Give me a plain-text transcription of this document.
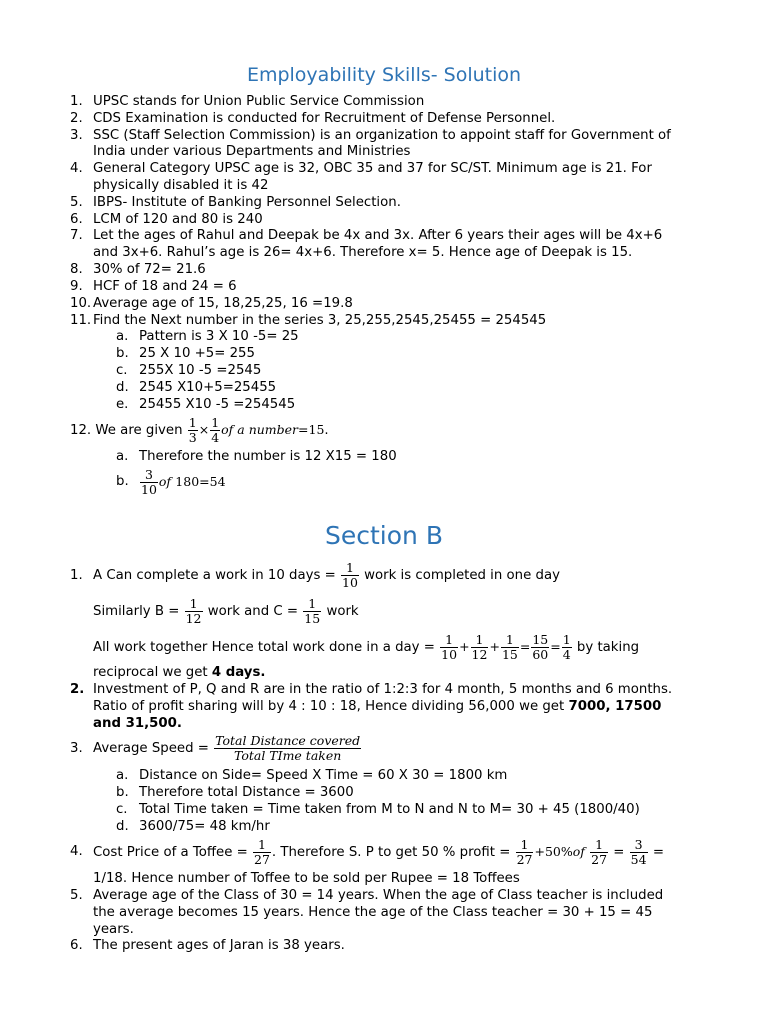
Employability Skills- Solution
1. UPSC stands for Union Public Service Commission
2. CDS Examination is conducted for Recruitment of Defense Personnel.
3. SSC (Staff Selection Commission) is an organization to appoint staff for Government of
India under various Departments and Ministries
4. General Category UPSC age is 32, OBC 35 and 37 for SC/ST. Minimum age is 21. For
physically disabled it is 42
5. IBPS- Institute of Banking Personnel Selection.
6. LCM of 120 and 80 is 240
7. Let the ages of Rahul and Deepak be 4x and 3x. After 6 years their ages will be 4x+6
and 3x+6. Rahul’s age is 26= 4x+6. Therefore x= 5. Hence age of Deepak is 15.
8. 30% of 72= 21.6
9. HCF of 18 and 24 = 6
10. Average age of 15, 18,25,25, 16 =19.8
11. Find the Next number in the series 3, 25,255,2545,25455 = 254545
a. Pattern is 3 X 10 -5= 25
b. 25 X 10 +5= 255
c. 255X 10 -5 =2545
d. 2545 X10+5=25455
e. 25455 X10 -5 =254545
12. We are given $\frac{1}{3} \times \frac{1}{4}$ of a number=15.
a. Therefore the number is 12 X15 = 180
b. $\frac{3}{10}$ of 180=54
Section B
1. A Can complete a work in 10 days = $\frac{1}{10}$ work is completed in one day
Similarly $B = \frac{1}{12}$ work and $C = \frac{1}{15}$ work
All work together Hence total work done in a day = $\frac{1}{10} + \frac{1}{12} + \frac{1}{15} = \frac{15}{60} = \frac{1}{4}$ by taking
reciprocal we get 4 days.
2. Investment of P, Q and R are in the ratio of 1:2:3 for 4 month, 5 months and 6 months.
Ratio of profit sharing will by 4 : 10 : 18, Hence dividing 56,000 we get 7000, 17500
and 31,500.
3. Average Speed = $\frac{\text{Total Distance covered}}{\text{Total TIme taken}}$
a. Distance on Side= Speed X Time = 60 X 30 = 1800 km
b. Therefore total Distance = 3600
c. Total Time taken = Time taken from M to N and N to M= 30 + 45 (1800/40)
d. 3600/75= 48 km/hr
4. Cost Price of a Toffee = $\frac{1}{27}$ . Therefore S. P to get 50 % profit = $\frac{1}{27} +50\%of \frac{1}{27} = \frac{3}{54}$ =
1/18. Hence number of Toffee to be sold per Rupee = 18 Toffees
5. Average age of the Class of 30 = 14 years. When the age of Class teacher is included
the average becomes 15 years. Hence the age of the Class teacher = 30 + 15 = 45
years.
6. The present ages of Jaran is 38 years.
